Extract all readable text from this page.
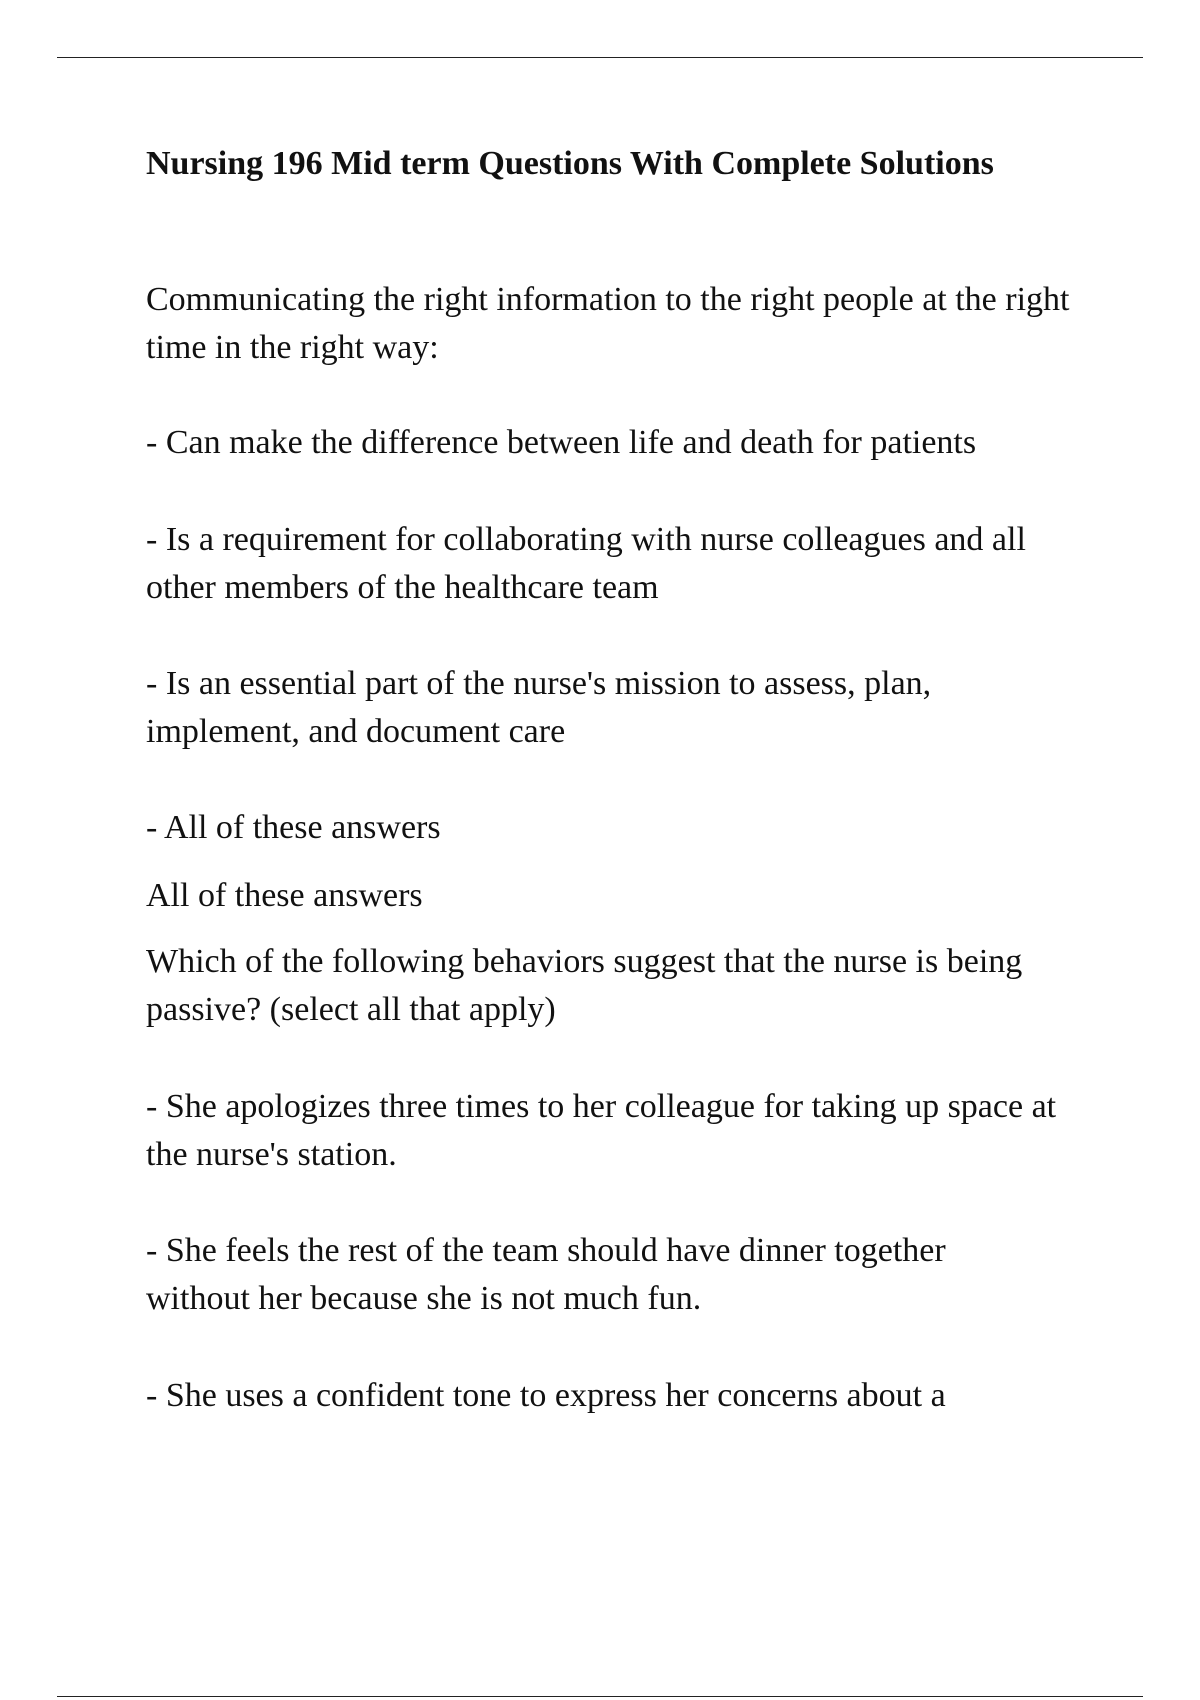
Nursing 196 Mid term Questions With Complete Solutions

Communicating the right information to the right people at the right time in the right way:

- Can make the difference between life and death for patients

- Is a requirement for collaborating with nurse colleagues and all other members of the healthcare team

- Is an essential part of the nurse's mission to assess, plan, implement, and document care

- All of these answers

All of these answers

Which of the following behaviors suggest that the nurse is being passive? (select all that apply)

- She apologizes three times to her colleague for taking up space at the nurse's station.

- She feels the rest of the team should have dinner together without her because she is not much fun.

- She uses a confident tone to express her concerns about a
